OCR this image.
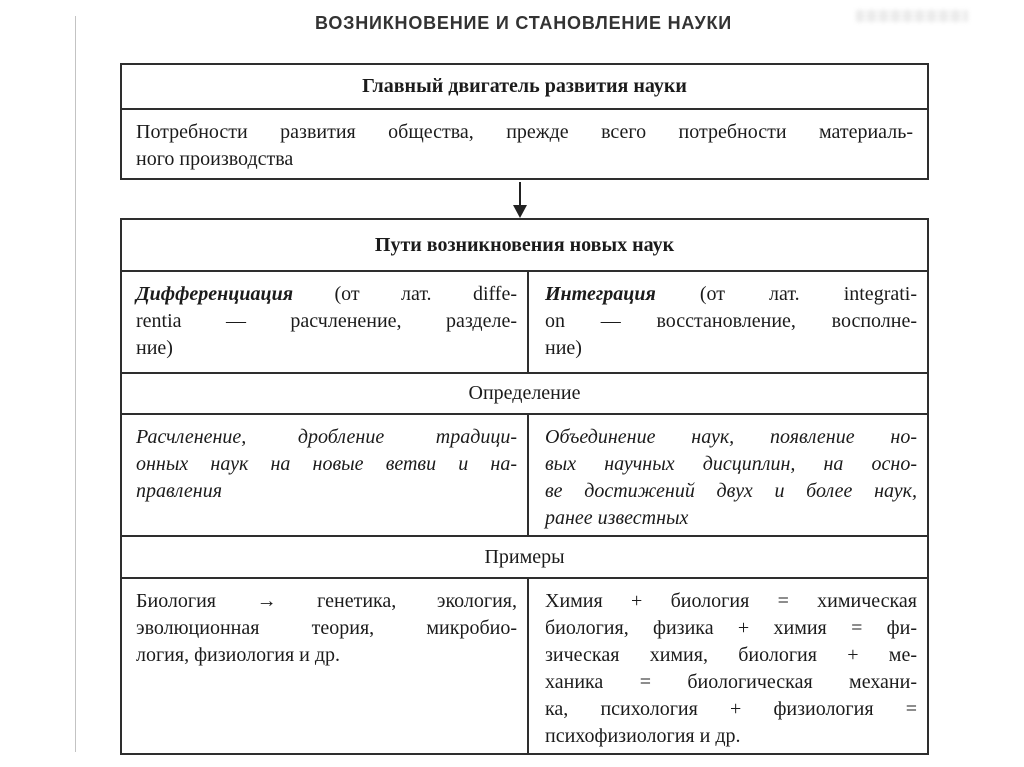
ВОЗНИКНОВЕНИЕ И СТАНОВЛЕНИЕ НАУКИ
Главный двигатель развития науки
Потребности развития общества, прежде всего потребности материаль-
ного производства
Пути возникновения новых наук
Дифференциация (от лат. diffe-
rentia — расчленение, разделе-
ние)
Интеграция (от лат. integrati-
on — восстановление, восполне-
ние)
Определение
Расчленение, дробление традици-
онных наук на новые ветви и на-
правления
Объединение наук, появление но-
вых научных дисциплин, на осно-
ве достижений двух и более наук,
ранее известных
Примеры
Биология → генетика, экология,
эволюционная теория, микробио-
логия, физиология и др.
Химия + биология = химическая
биология, физика + химия = фи-
зическая химия, биология + ме-
ханика = биологическая механи-
ка, психология + физиология =
психофизиология и др.
